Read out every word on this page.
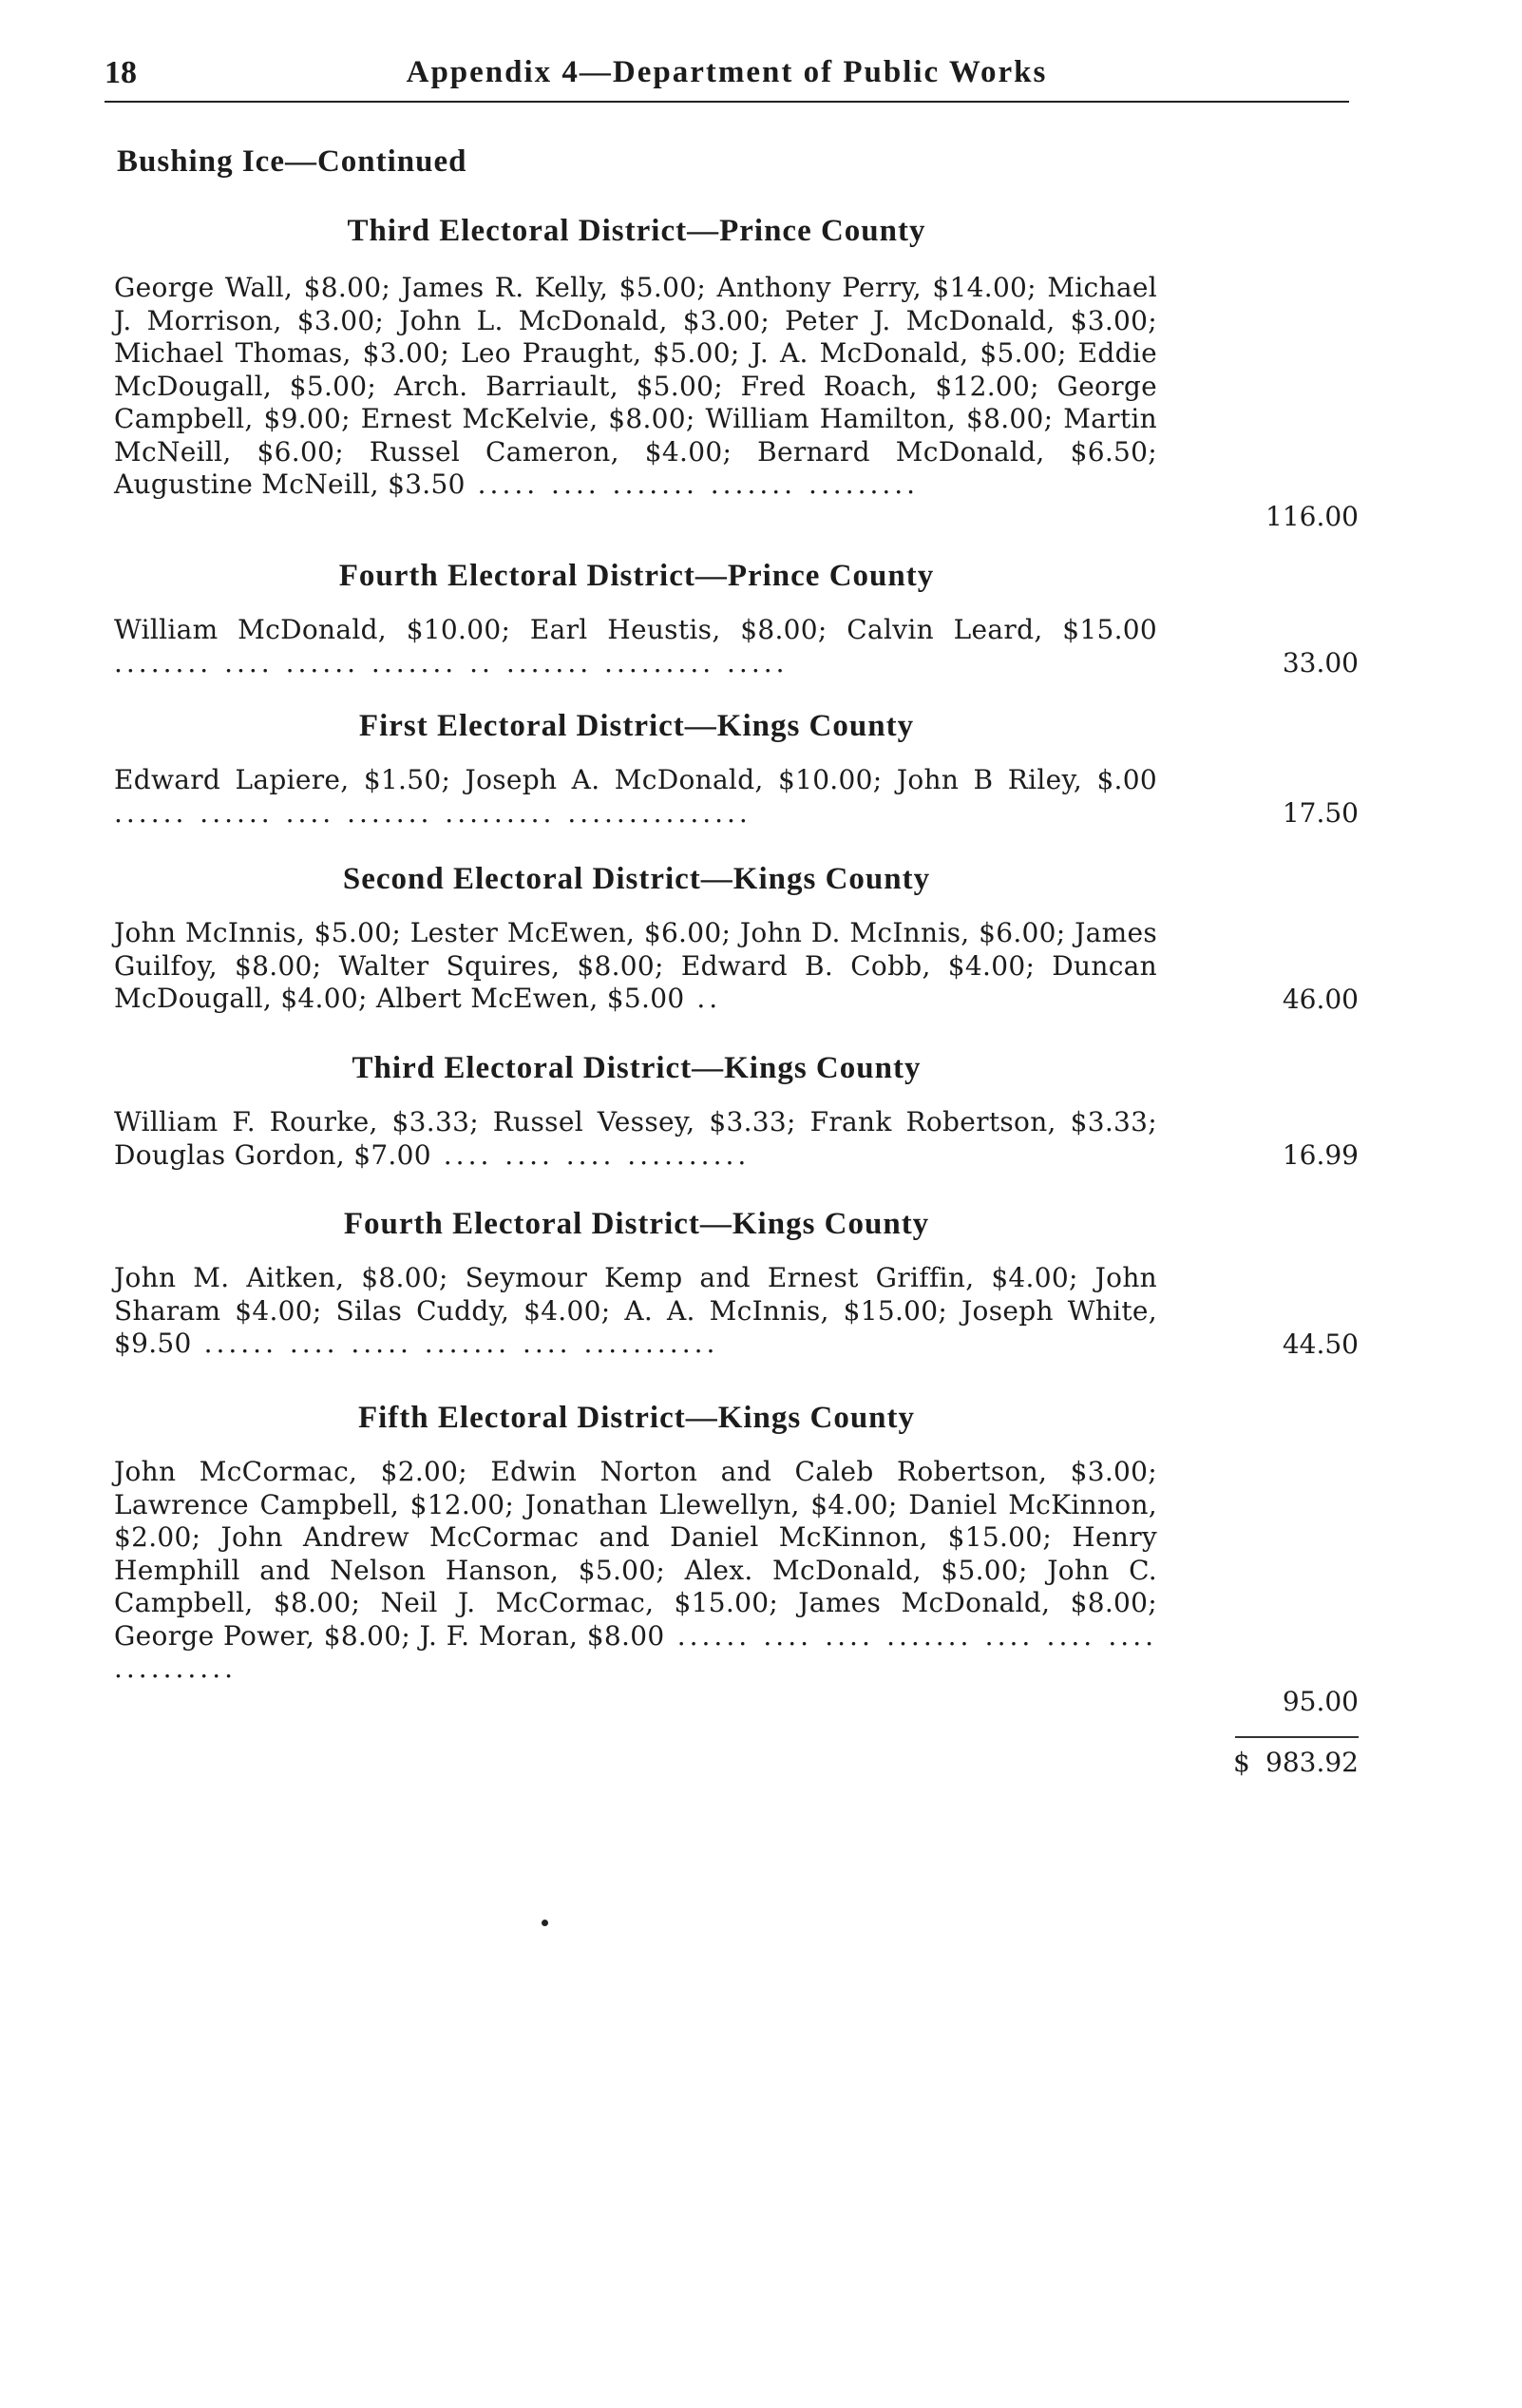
18	Appendix 4—Department of Public Works
Bushing Ice—Continued
Third Electoral District—Prince County
George Wall, $8.00; James R. Kelly, $5.00; Anthony Perry, $14.00; Michael J. Morrison, $3.00; John L. McDonald, $3.00; Peter J. McDonald, $3.00; Michael Thomas, $3.00; Leo Praught, $5.00; J. A. McDonald, $5.00; Eddie McDougall, $5.00; Arch. Barriault, $5.00; Fred Roach, $12.00; George Campbell, $9.00; Ernest McKelvie, $8.00; William Hamilton, $8.00; Martin McNeill, $6.00; Russel Cameron, $4.00; Bernard McDonald, $6.50; Augustine McNeill, $3.50 ..... .... ....... ....... .........
116.00
Fourth Electoral District—Prince County
William McDonald, $10.00; Earl Heustis, $8.00; Calvin Leard, $15.00 ........ .... ...... ....... .. ....... ......... .....	33.00
First Electoral District—Kings County
Edward Lapiere, $1.50; Joseph A. McDonald, $10.00; John B Riley, $.00 ...... ...... .... ....... ......... ...............	17.50
Second Electoral District—Kings County
John McInnis, $5.00; Lester McEwen, $6.00; John D. McInnis, $6.00; James Guilfoy, $8.00; Walter Squires, $8.00; Edward B. Cobb, $4.00; Duncan McDougall, $4.00; Albert McEwen, $5.00 ..	46.00
Third Electoral District—Kings County
William F. Rourke, $3.33; Russel Vessey, $3.33; Frank Robertson, $3.33; Douglas Gordon, $7.00 .... .... .... ..........	16.99
Fourth Electoral District—Kings County
John M. Aitken, $8.00; Seymour Kemp and Ernest Griffin, $4.00; John Sharam $4.00; Silas Cuddy, $4.00; A. A. McInnis, $15.00; Joseph White, $9.50 ...... .... ..... ....... .... ...........	44.50
Fifth Electoral District—Kings County
John McCormac, $2.00; Edwin Norton and Caleb Robertson, $3.00; Lawrence Campbell, $12.00; Jonathan Llewellyn, $4.00; Daniel McKinnon, $2.00; John Andrew McCormac and Daniel McKinnon, $15.00; Henry Hemphill and Nelson Hanson, $5.00; Alex. McDonald, $5.00; John C. Campbell, $8.00; Neil J. McCormac, $15.00; James McDonald, $8.00; George Power, $8.00; J. F. Moran, $8.00 ...... .... .... ....... .... .... .... ..........
95.00
$ 983.92
